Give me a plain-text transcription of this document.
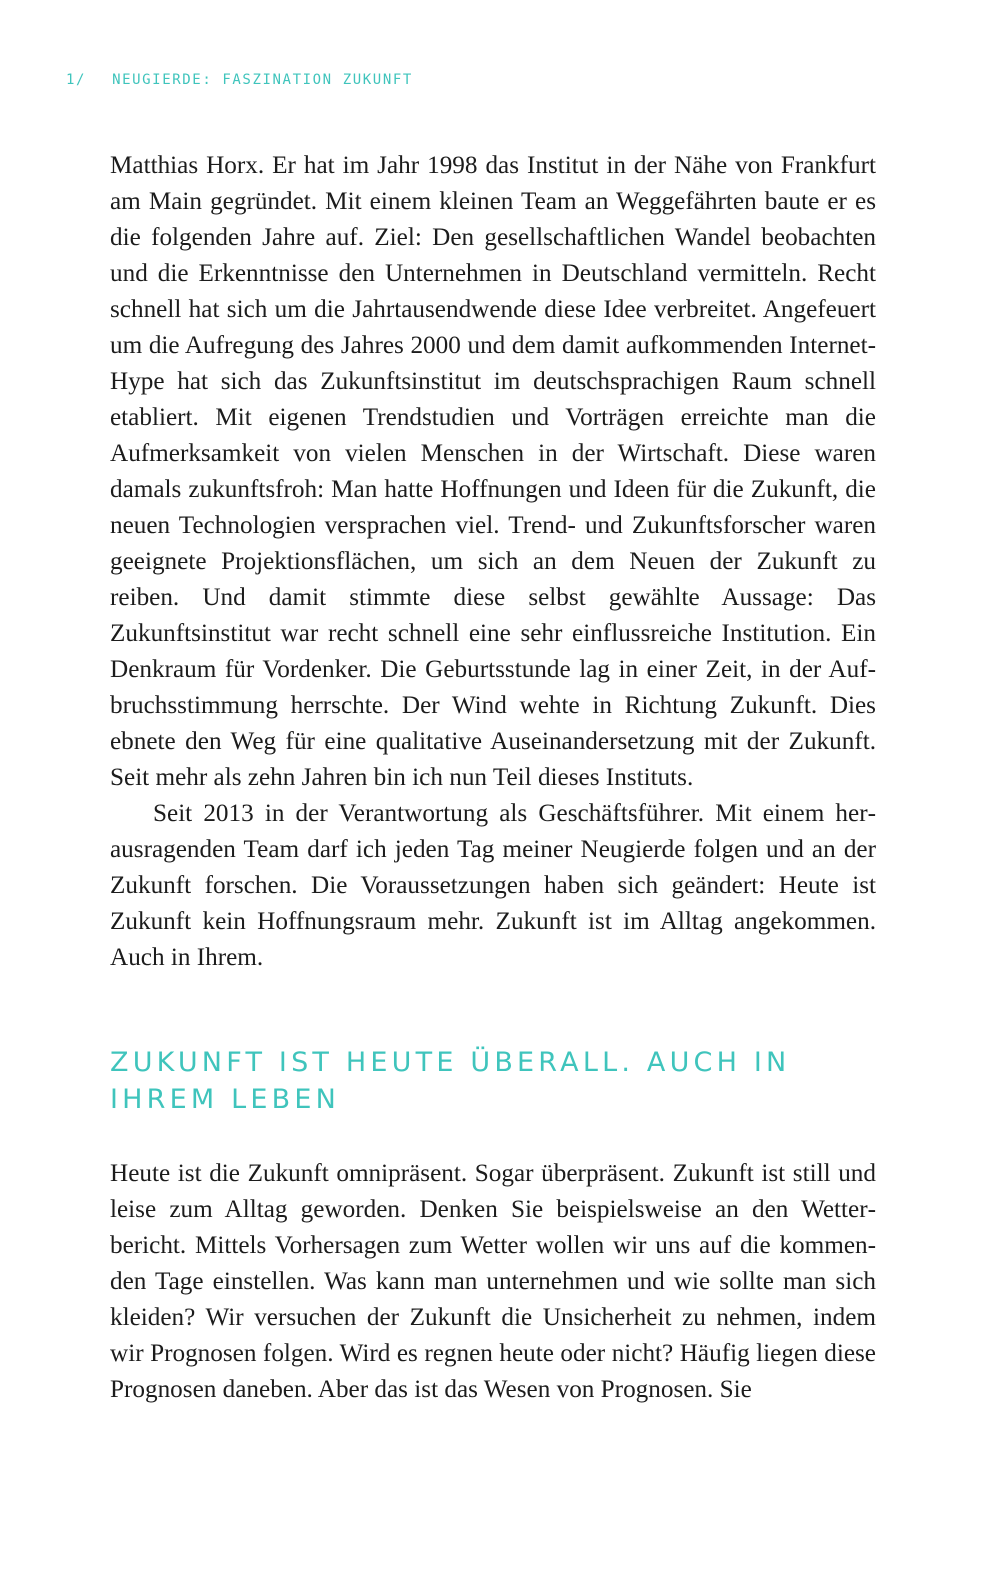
1/ NEUGIERDE: FASZINATION ZUKUNFT

Matthias Horx. Er hat im Jahr 1998 das Institut in der Nähe von Frankfurt am Main gegründet. Mit einem kleinen Team an Weggefährten baute er es die folgenden Jahre auf. Ziel: Den gesellschaftlichen Wandel beobachten und die Erkenntnisse den Unternehmen in Deutschland vermitteln. Recht schnell hat sich um die Jahrtausendwende diese Idee verbreitet. Angefeuert um die Aufregung des Jahres 2000 und dem damit aufkommenden Internet-Hype hat sich das Zukunftsinstitut im deutschsprachigen Raum schnell etabliert. Mit eigenen Trendstudien und Vorträgen erreichte man die Aufmerksamkeit von vielen Menschen in der Wirtschaft. Diese waren damals zukunftsfroh: Man hatte Hoffnungen und Ideen für die Zukunft, die neuen Technologien versprachen viel. Trend- und Zukunftsforscher waren geeignete Projektionsflächen, um sich an dem Neuen der Zukunft zu reiben. Und damit stimmte diese selbst gewählte Aussage: Das Zukunftsinstitut war recht schnell eine sehr einflussreiche Institution. Ein Denkraum für Vordenker. Die Geburtsstunde lag in einer Zeit, in der Aufbruchsstimmung herrschte. Der Wind wehte in Richtung Zukunft. Dies ebnete den Weg für eine qualitative Auseinandersetzung mit der Zukunft. Seit mehr als zehn Jahren bin ich nun Teil dieses Instituts.

Seit 2013 in der Verantwortung als Geschäftsführer. Mit einem herausragenden Team darf ich jeden Tag meiner Neugierde folgen und an der Zukunft forschen. Die Voraussetzungen haben sich geändert: Heute ist Zukunft kein Hoffnungsraum mehr. Zukunft ist im Alltag angekommen. Auch in Ihrem.

ZUKUNFT IST HEUTE ÜBERALL. AUCH IN IHREM LEBEN

Heute ist die Zukunft omnipräsent. Sogar überpräsent. Zukunft ist still und leise zum Alltag geworden. Denken Sie beispielsweise an den Wetterbericht. Mittels Vorhersagen zum Wetter wollen wir uns auf die kommenden Tage einstellen. Was kann man unternehmen und wie sollte man sich kleiden? Wir versuchen der Zukunft die Unsicherheit zu nehmen, indem wir Prognosen folgen. Wird es regnen heute oder nicht? Häufig liegen diese Prognosen daneben. Aber das ist das Wesen von Prognosen. Sie
